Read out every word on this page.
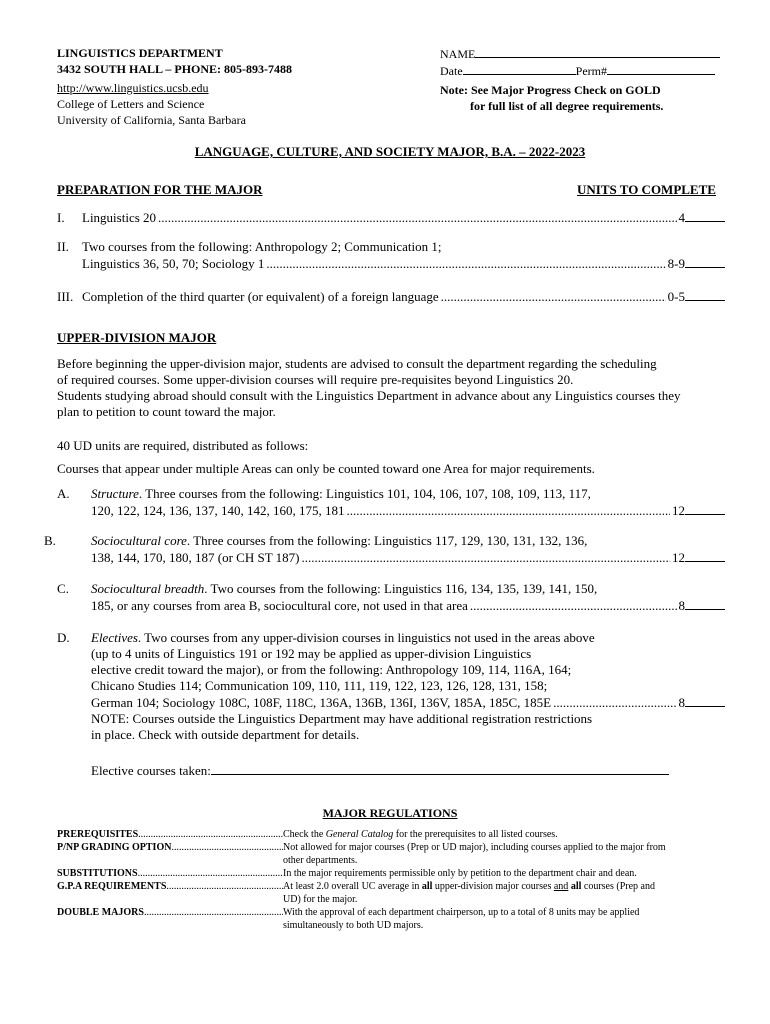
LINGUISTICS DEPARTMENT
3432 SOUTH HALL – PHONE: 805-893-7488
http://www.linguistics.ucsb.edu
College of Letters and Science
University of California, Santa Barbara
NAME
Date	Perm#
Note: See Major Progress Check on GOLD
for full list of all degree requirements.
LANGUAGE, CULTURE, AND SOCIETY MAJOR, B.A. – 2022-2023
PREPARATION FOR THE MAJOR	UNITS TO COMPLETE
I.	Linguistics 20 .....	4
II. Two courses from the following: Anthropology 2; Communication 1;
Linguistics 36, 50, 70; Sociology 1 .....	8-9
III. Completion of the third quarter (or equivalent) of a foreign language .....	0-5
UPPER-DIVISION MAJOR
Before beginning the upper-division major, students are advised to consult the department regarding the scheduling
of required courses. Some upper-division courses will require pre-requisites beyond Linguistics 20.
Students studying abroad should consult with the Linguistics Department in advance about any Linguistics courses they
plan to petition to count toward the major.
40 UD units are required, distributed as follows:
Courses that appear under multiple Areas can only be counted toward one Area for major requirements.
A. Structure. Three courses from the following: Linguistics 101, 104, 106, 107, 108, 109, 113, 117,
120, 122, 124, 136, 137, 140, 142, 160, 175, 181 .....	12
B.	Sociocultural core. Three courses from the following: Linguistics 117, 129, 130, 131, 132, 136,
138, 144, 170, 180, 187 (or CH ST 187) .....	12
C. Sociocultural breadth. Two courses from the following: Linguistics 116, 134, 135, 139, 141, 150,
185, or any courses from area B, sociocultural core, not used in that area .....	8
D. Electives. Two courses from any upper-division courses in linguistics not used in the areas above
(up to 4 units of Linguistics 191 or 192 may be applied as upper-division Linguistics
elective credit toward the major), or from the following: Anthropology 109, 114, 116A, 164;
Chicano Studies 114; Communication 109, 110, 111, 119, 122, 123, 126, 128, 131, 158;
German 104; Sociology 108C, 108F, 118C, 136A, 136B, 136I, 136V, 185A, 185C, 185E .....	8
NOTE: Courses outside the Linguistics Department may have additional registration restrictions
in place. Check with outside department for details.
Elective courses taken:
MAJOR REGULATIONS
PREREQUISITES .....	Check the General Catalog for the prerequisites to all listed courses.
P/NP GRADING OPTION .....	Not allowed for major courses (Prep or UD major), including courses applied to the major from
other departments.
SUBSTITUTIONS .....	In the major requirements permissible only by petition to the department chair and dean.
G.P.A REQUIREMENTS .....	At least 2.0 overall UC average in all upper-division major courses and all courses (Prep and
UD) for the major.
DOUBLE MAJORS .....	With the approval of each department chairperson, up to a total of 8 units may be applied
simultaneously to both UD majors.
